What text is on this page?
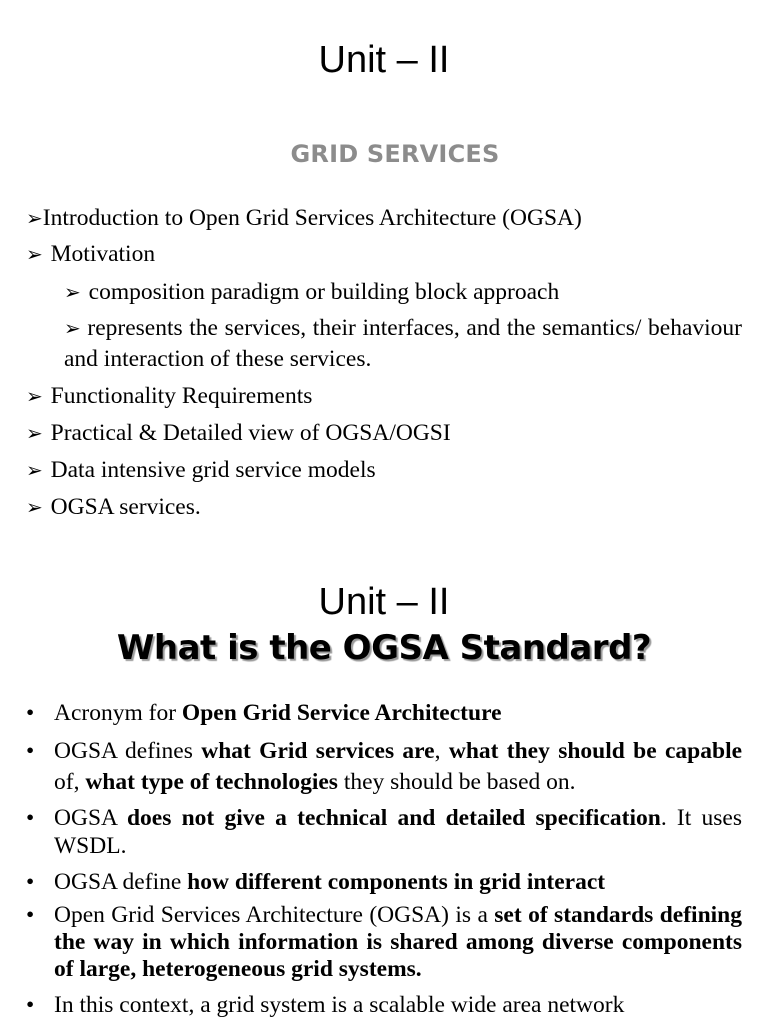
Unit – II
GRID SERVICES
➢Introduction to Open Grid Services Architecture (OGSA)
➢ Motivation
➢ composition paradigm or building block approach
➢ represents the services, their interfaces, and the semantics/ behaviour and interaction of these services.
➢ Functionality Requirements
➢ Practical & Detailed view of OGSA/OGSI
➢ Data intensive grid service models
➢ OGSA services.
Unit – II
What is the OGSA Standard?
• Acronym for Open Grid Service Architecture
• OGSA defines what Grid services are, what they should be capable of, what type of technologies they should be based on.
• OGSA does not give a technical and detailed specification. It uses WSDL.
• OGSA define how different components in grid interact
• Open Grid Services Architecture (OGSA) is a set of standards defining the way in which information is shared among diverse components of large, heterogeneous grid systems.
• In this context, a grid system is a scalable wide area network
